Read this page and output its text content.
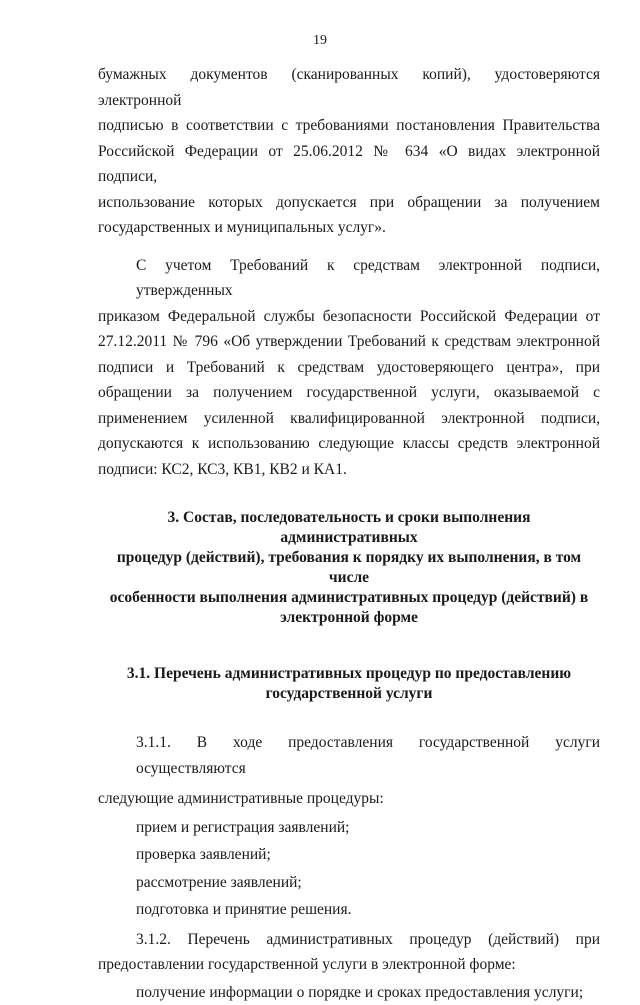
19
бумажных документов (сканированных копий), удостоверяются электронной
подписью в соответствии с требованиями постановления Правительства
Российской Федерации от 25.06.2012 № 634 «О видах электронной подписи,
использование которых допускается при обращении за получением
государственных и муниципальных услуг».
С учетом Требований к средствам электронной подписи, утвержденных
приказом Федеральной службы безопасности Российской Федерации от
27.12.2011 № 796 «Об утверждении Требований к средствам электронной
подписи и Требований к средствам удостоверяющего центра», при
обращении за получением государственной услуги, оказываемой с
применением усиленной квалифицированной электронной подписи,
допускаются к использованию следующие классы средств электронной
подписи: КС2, КС3, КВ1, КВ2 и КА1.
3. Состав, последовательность и сроки выполнения административных
процедур (действий), требования к порядку их выполнения, в том числе
особенности выполнения административных процедур (действий) в
электронной форме
3.1. Перечень административных процедур по предоставлению
государственной услуги
3.1.1. В ходе предоставления государственной услуги осуществляются
следующие административные процедуры:
прием и регистрация заявлений;
проверка заявлений;
рассмотрение заявлений;
подготовка и принятие решения.
3.1.2. Перечень административных процедур (действий) при
предоставлении государственной услуги в электронной форме:
получение информации о порядке и сроках предоставления услуги;
